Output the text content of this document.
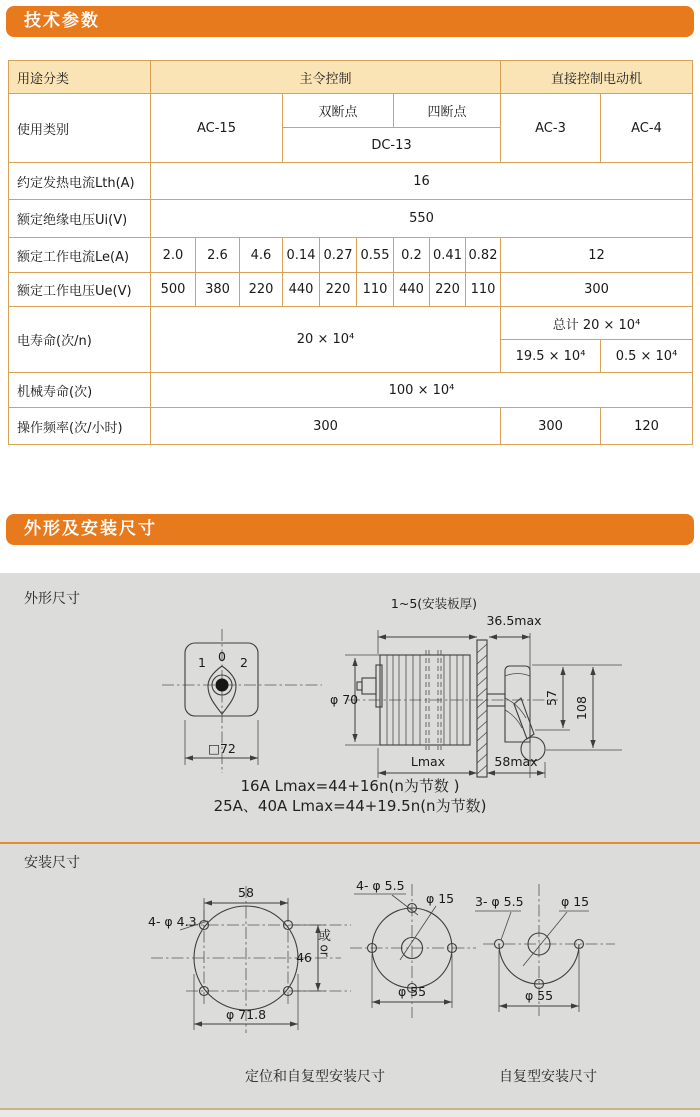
技术参数
用途分类	主令控制									直接控制电动机	
使用类别	AC-15			双断点			四断点			AC-3	AC-4
				DC-13							
约定发热电流Lth(A)	16										
额定绝缘电压Ui(V)	550										
额定工作电流Le(A)	2.0	2.6	4.6	0.14	0.27	0.55	0.2	0.41	0.82	12	
额定工作电压Ue(V)	500	380	220	440	220	110	440	220	110	300	
电寿命(次/n)	20 × 10⁴									总计 20 × 10⁴	
										19.5 × 10⁴	0.5 × 10⁴
机械寿命(次)	100 × 10⁴										
操作频率(次/小时)	300									300	120
外形及安装尺寸
外形尺寸
0
1	2
□72
φ 70
1~5(安装板厚)
36.5max
57 108
Lmax	58max
16A Lmax=44+16n(n为节数 )
25A、40A Lmax=44+19.5n(n为节数)
安装尺寸
58
46
4- φ 4.3
φ 71.8
或
or
4- φ 5.5
φ 15
φ 55
3- φ 5.5	φ 15
φ 55
定位和自复型安装尺寸	自复型安装尺寸
